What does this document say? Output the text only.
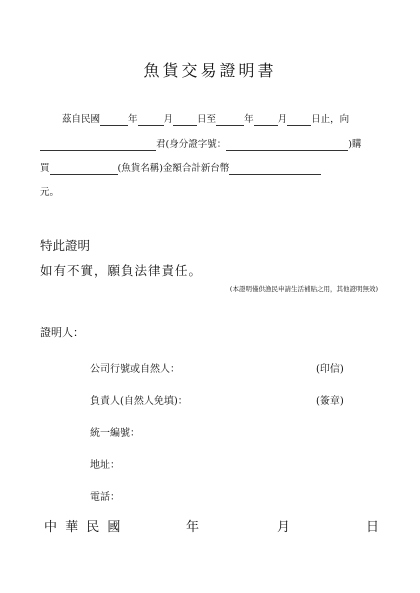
魚貨交易證明書
茲自民國	年	月	日至	年	月	日止，向
君(身分證字號：	)購
買	(魚貨名稱)金額合計新台幣
元。
特此證明
如有不實，願負法律責任。
(本證明僅供漁民申請生活補貼之用，其他證明無效)
證明人：
公司行號或自然人：	(印信)
負責人(自然人免填)：	(簽章)
統一編號：
地址：
電話：
中 華 民 國	年	月	日
